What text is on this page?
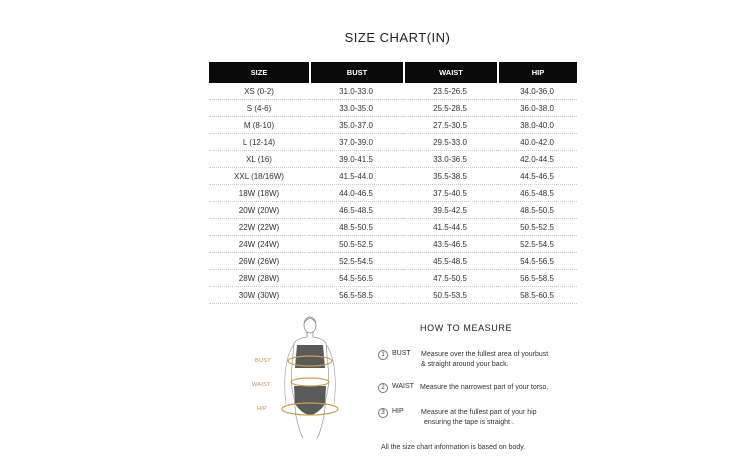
SIZE CHART(IN)
SIZE	BUST	WAIST	HIP
XS (0-2)	31.0-33.0	23.5-26.5	34.0-36.0
S (4-6)	33.0-35.0	25.5-28.5	36.0-38.0
M (8-10)	35.0-37.0	27.5-30.5	38.0-40.0
L (12-14)	37.0-39.0	29.5-33.0	40.0-42.0
XL (16)	39.0-41.5	33.0-36.5	42.0-44.5
XXL (18/16W)	41.5-44.0	35.5-38.5	44.5-46.5
18W (18W)	44.0-46.5	37.5-40.5	46.5-48.5
20W (20W)	46.5-48.5	39.5-42.5	48.5-50.5
22W (22W)	48.5-50.5	41.5-44.5	50.5-52.5
24W (24W)	50.5-52.5	43.5-46.5	52.5-54.5
26W (26W)	52.5-54.5	45.5-48.5	54.5-56.5
28W (28W)	54.5-56.5	47.5-50.5	56.5-58.5
30W (30W)	56.5-58.5	50.5-53.5	58.5-60.5
BUST
WAIST
HIP
HOW TO MEASURE
1	BUST Measure over the fullest area of yourbust
& straight around your back.
2	WAIST Measure the narrowest part of your torso.
3	HIP Measure at the fullest part of your hip
ensuring the tape is straight .
All the size chart information is based on body.
